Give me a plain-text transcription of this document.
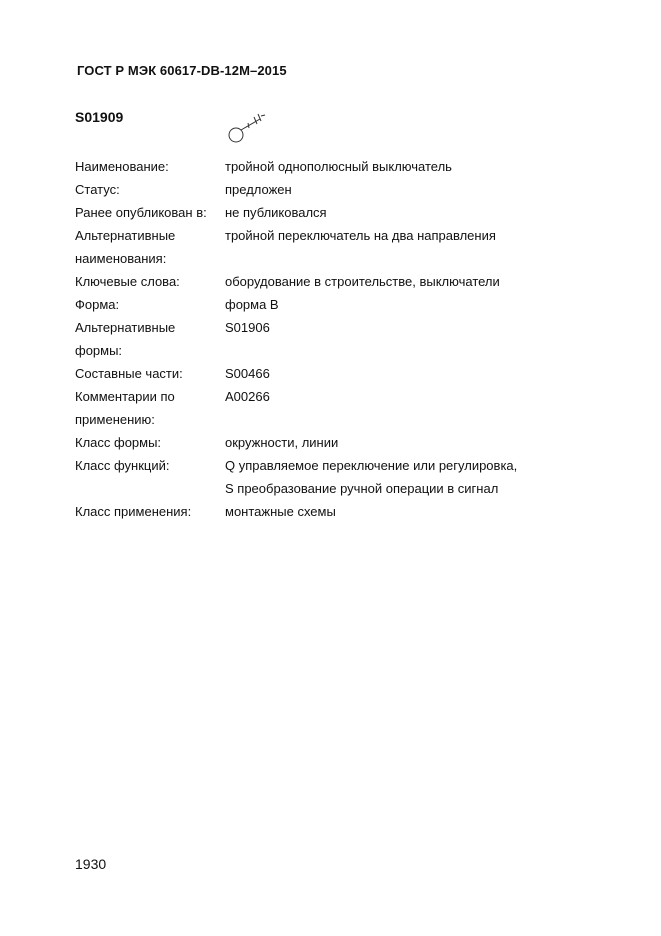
ГОСТ Р МЭК 60617-DB-12M–2015
S01909
Наименование:	тройной однополюсный выключатель
Статус:	предложен
Ранее опубликован в:	не публиковался
Альтернативные наименования:
тройной переключатель на два направления
Ключевые слова:	оборудование в строительстве, выключатели
Форма:	форма В
Альтернативные формы:
S01906
Составные части:	S00466
Комментарии по применению:
A00266
Класс формы:	окружности, линии
Класс функций:	Q управляемое переключение или регулировка,
S преобразование ручной операции в сигнал
Класс применения:	монтажные схемы
1930
